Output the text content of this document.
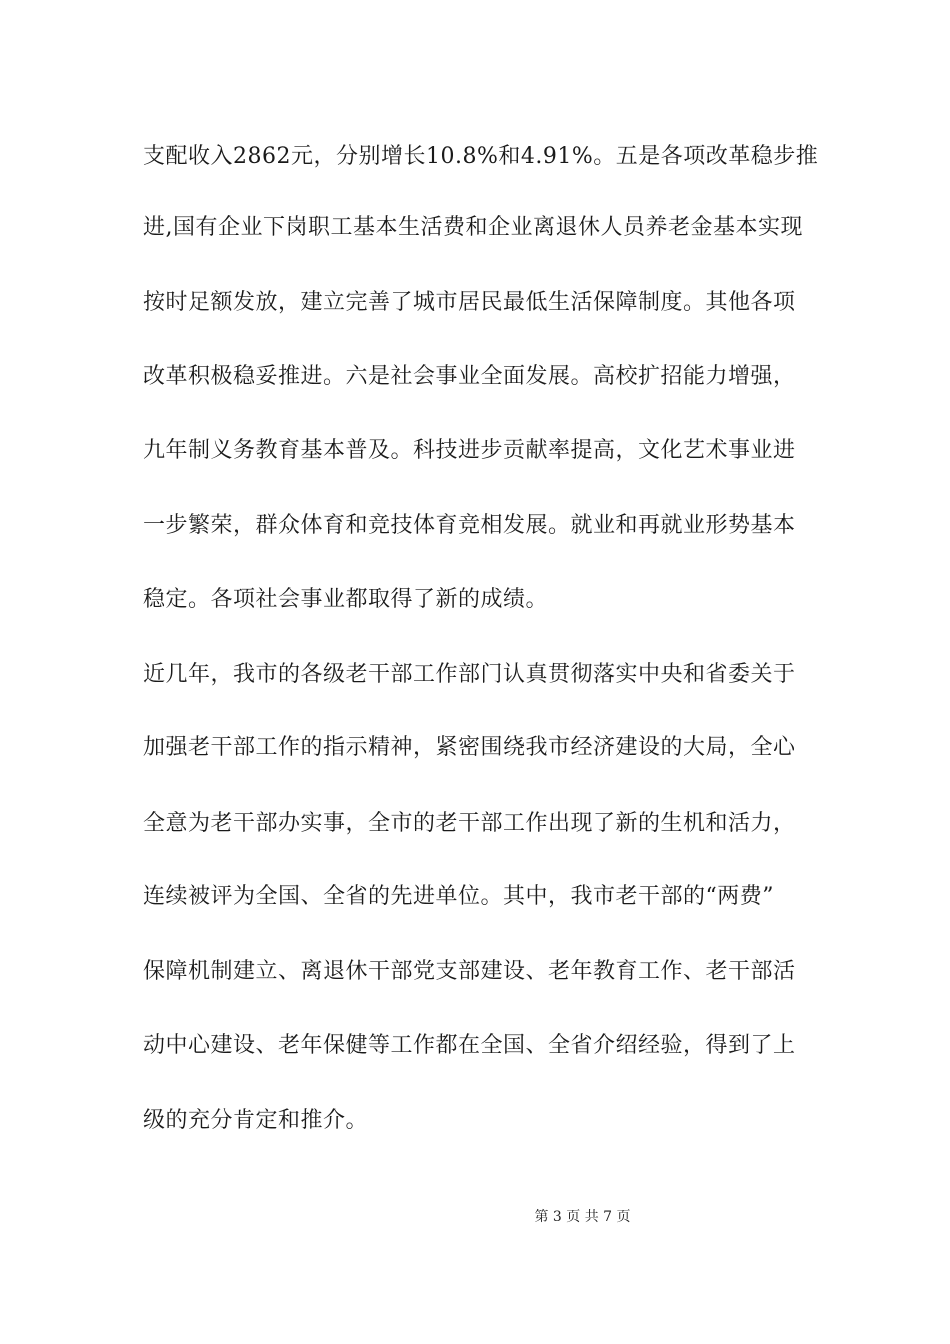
支配收入2862元，分别增长10.8%和4.91%。五是各项改革稳步推
进,国有企业下岗职工基本生活费和企业离退休人员养老金基本实现
按时足额发放，建立完善了城市居民最低生活保障制度。其他各项
改革积极稳妥推进。六是社会事业全面发展。高校扩招能力增强，
九年制义务教育基本普及。科技进步贡献率提高，文化艺术事业进
一步繁荣，群众体育和竞技体育竞相发展。就业和再就业形势基本
稳定。各项社会事业都取得了新的成绩。
近几年，我市的各级老干部工作部门认真贯彻落实中央和省委关于
加强老干部工作的指示精神，紧密围绕我市经济建设的大局，全心
全意为老干部办实事，全市的老干部工作出现了新的生机和活力，
连续被评为全国、全省的先进单位。其中，我市老干部的“两费”
保障机制建立、离退休干部党支部建设、老年教育工作、老干部活
动中心建设、老年保健等工作都在全国、全省介绍经验，得到了上
级的充分肯定和推介。
第 3 页 共 7 页
